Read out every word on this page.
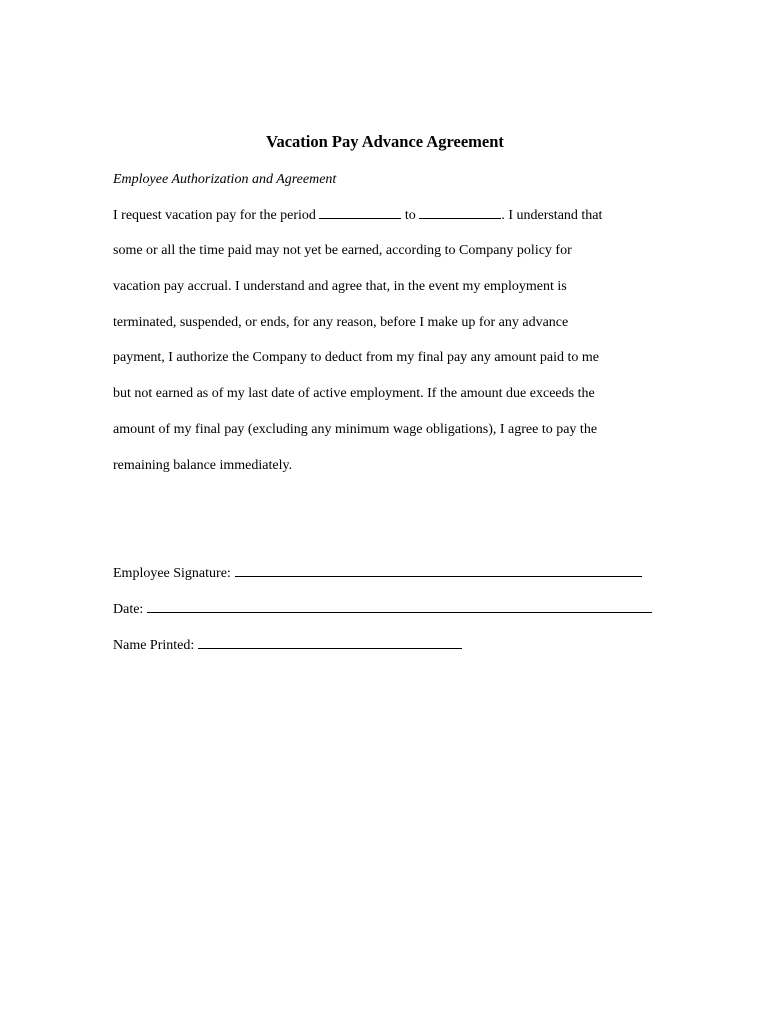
Vacation Pay Advance Agreement
Employee Authorization and Agreement
I request vacation pay for the period	to	. I understand that
some or all the time paid may not yet be earned, according to Company policy for
vacation pay accrual. I understand and agree that, in the event my employment is
terminated, suspended, or ends, for any reason, before I make up for any advance
payment, I authorize the Company to deduct from my final pay any amount paid to me
but not earned as of my last date of active employment. If the amount due exceeds the
amount of my final pay (excluding any minimum wage obligations), I agree to pay the
remaining balance immediately.
Employee Signature:
Date:
Name Printed:
